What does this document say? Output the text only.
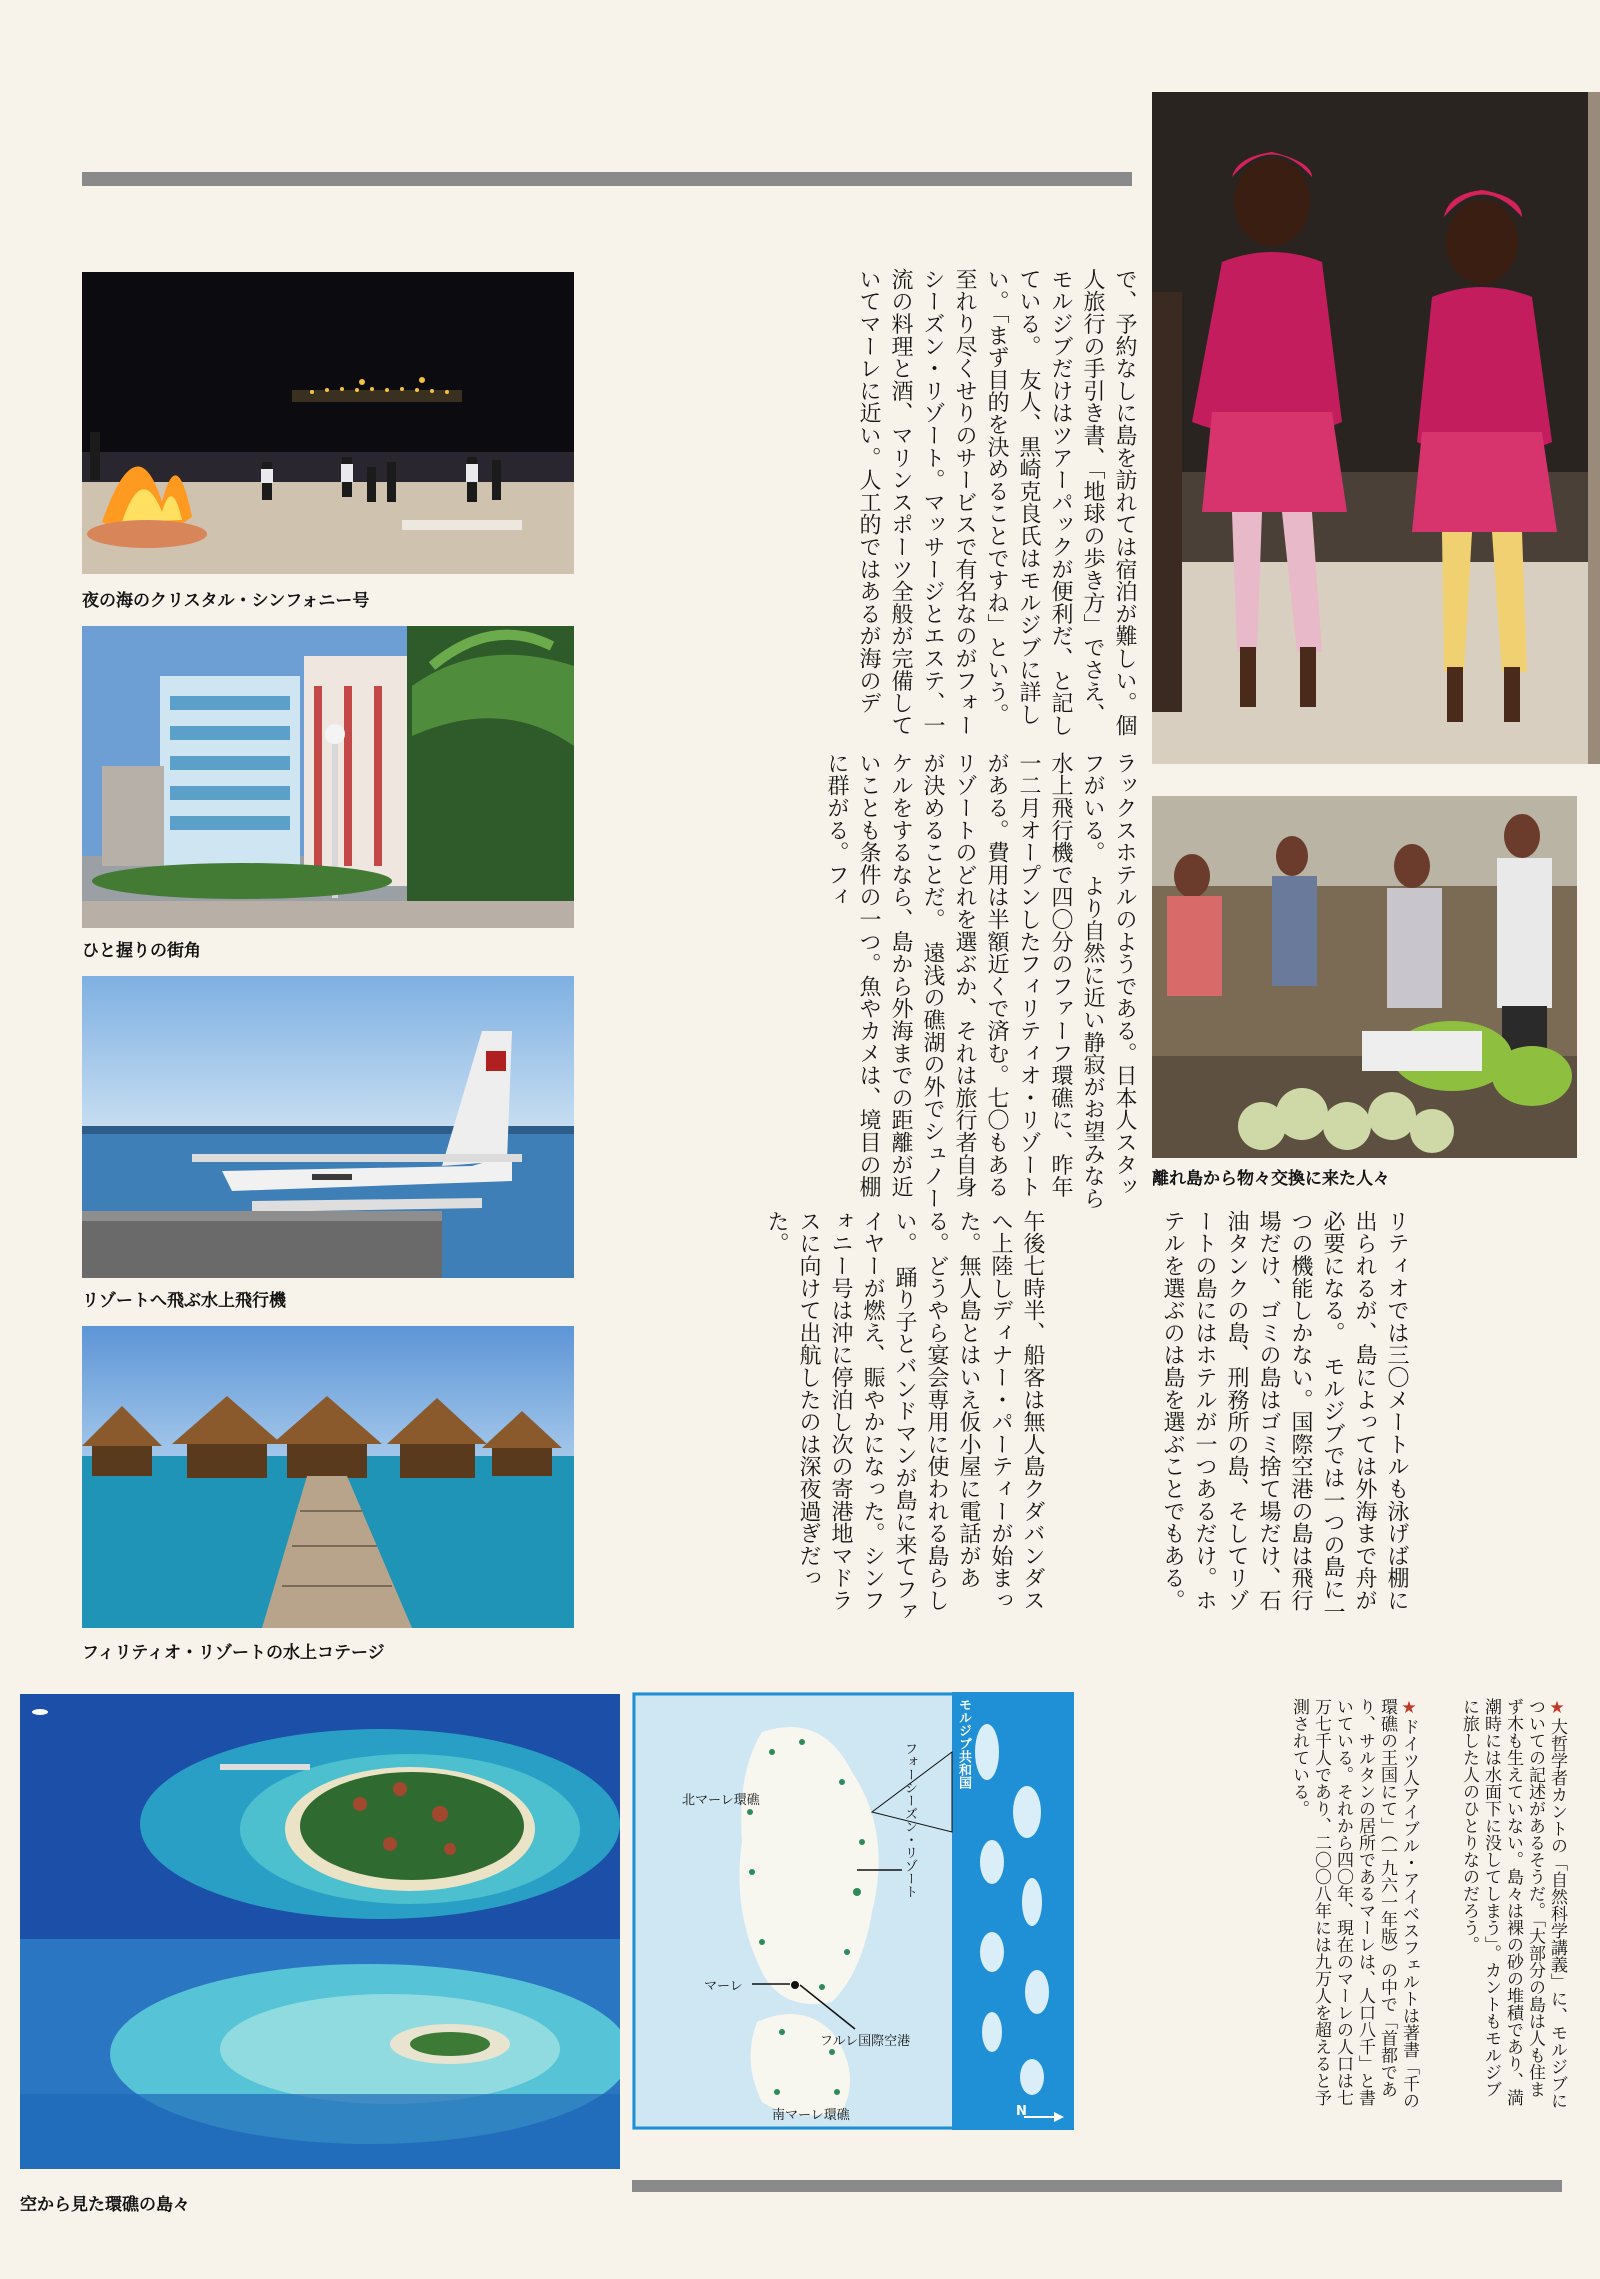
夜の海のクリスタル・シンフォニー号
ひと握りの街角
リゾートへ飛ぶ水上飛行機
フィリティオ・リゾートの水上コテージ
空から見た環礁の島々
離れ島から物々交換に来た人々
で、予約なしに島を訪れては宿泊が難しい。個人旅行の手引き書、「地球の歩き方」でさえ、モルジブだけはツアーパックが便利だ、と記している。　友人、黒崎克良氏はモルジブに詳しい。「まず目的を決めることですね」という。至れり尽くせりのサービスで有名なのがフォーシーズン・リゾート。マッサージとエステ、一流の料理と酒、マリンスポーツ全般が完備していてマーレに近い。人工的ではあるが海のデ
ラックスホテルのようである。日本人スタッフがいる。　より自然に近い静寂がお望みなら水上飛行機で四〇分のファーフ環礁に、昨年一二月オープンしたフィリティオ・リゾートがある。費用は半額近くで済む。七〇もあるリゾートのどれを選ぶか、それは旅行者自身が決めることだ。　遠浅の礁湖の外でシュノーケルをするなら、島から外海までの距離が近いことも条件の一つ。魚やカメは、境目の棚に群がる。フィ
リティオでは三〇メートルも泳げば棚に出られるが、島によっては外海まで舟が必要になる。　モルジブでは一つの島に一つの機能しかない。国際空港の島は飛行場だけ、ゴミの島はゴミ捨て場だけ、石油タンクの島、刑務所の島、そしてリゾートの島にはホテルが一つあるだけ。ホテルを選ぶのは島を選ぶことでもある。
午後七時半、船客は無人島クダバンダスへ上陸しディナー・パーティーが始まった。無人島とはいえ仮小屋に電話がある。どうやら宴会専用に使われる島らしい。　踊り子とバンドマンが島に来てファイヤーが燃え、賑やかになった。シンフォニー号は沖に停泊し次の寄港地マドラスに向けて出航したのは深夜過ぎだった。
★大哲学者カントの「自然科学講義」に、モルジブについての記述があるそうだ。「大部分の島は人も住まず木も生えていない。島々は裸の砂の堆積であり、満潮時には水面下に没してしまう」。カントもモルジブに旅した人のひとりなのだろう。
★ドイツ人アイブル・アイベスフェルトは著書「千の環礁の王国にて」（一九六一年版）の中で「首都であり、サルタンの居所であるマーレは、人口八千」と書いている。それから四〇年、現在のマーレの人口は七万七千人であり、二〇〇八年には九万人を超えると予測されている。
モルジブ共和国
北マーレ環礁	フォーシーズン・リゾート
マーレ
フルレ国際空港
南マーレ環礁	N
